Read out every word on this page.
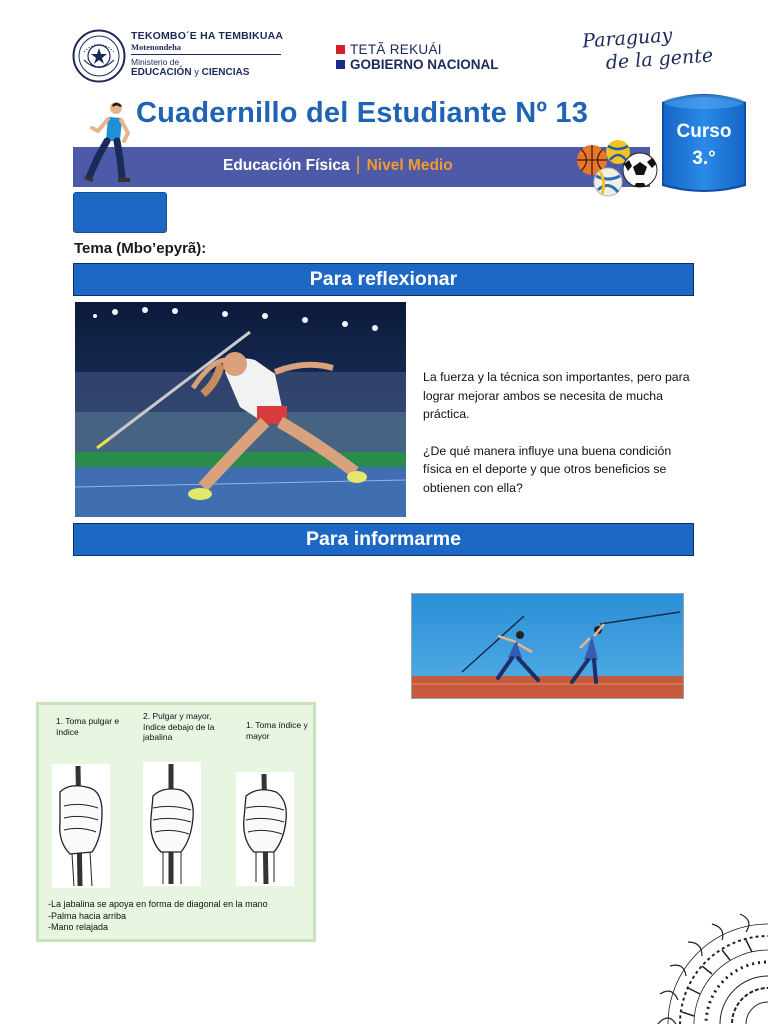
TEKOMBO´E HA TEMBIKUAA
Motenondeha
Ministerio de
EDUCACIÓN y CIENCIAS
TETÃ REKUÁI
GOBIERNO NACIONAL
Paraguay
de la gente
Cuadernillo del Estudiante Nº 13
Educación Física | Nivel Medio
Curso
3.°
Tema (Mbo’epyrã):
Para reflexionar

La fuerza y la técnica son importantes, pero para lograr mejorar ambos se necesita de mucha práctica.

¿De qué manera influye una buena condición física en el deporte y que otros beneficios se obtienen con ella?

Para informarme
1. Toma pulgar e índice
2. Pulgar y mayor, índice debajo de la jabalina
1. Toma índice y mayor
-La jabalina se apoya en forma de diagonal en la mano
-Palma hacia arriba
-Mano relajada
